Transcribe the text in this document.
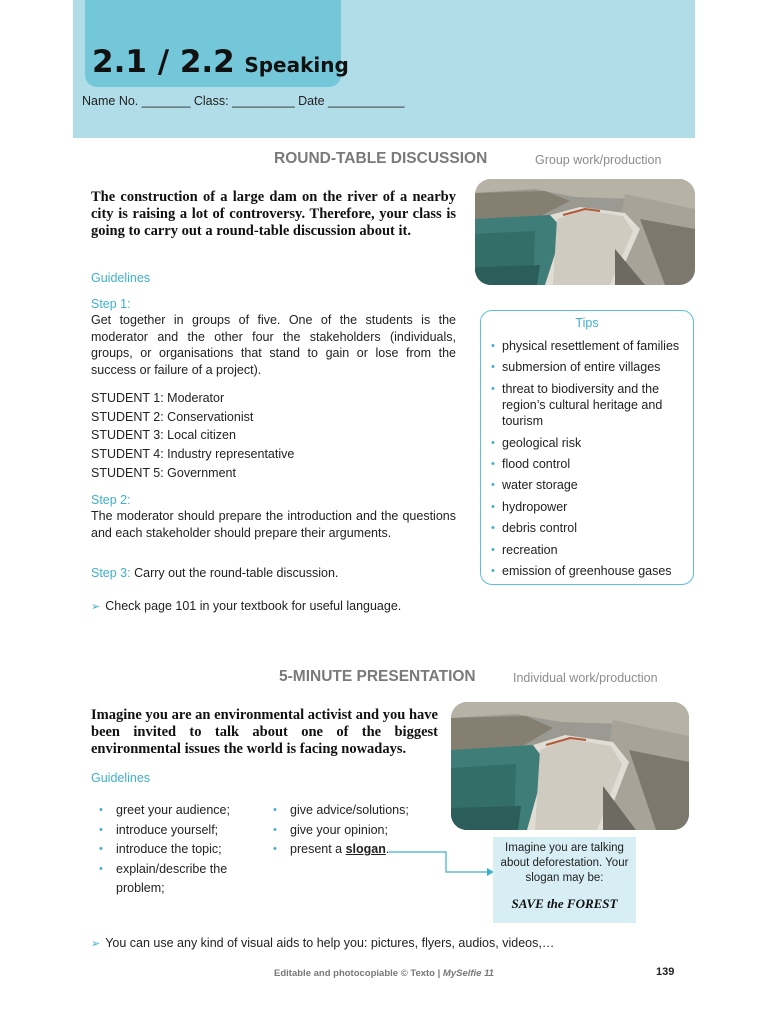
2.1 / 2.2 Speaking
Name No. _______ Class: _________ Date ___________
ROUND-TABLE DISCUSSION	Group work/production
The construction of a large dam on the river of a nearby city is raising a lot of controversy. Therefore, your class is going to carry out a round-table discussion about it.
Guidelines
Step 1:
Get together in groups of five. One of the students is the moderator and the other four the stakeholders (individuals, groups, or organisations that stand to gain or lose from the success or failure of a project).
STUDENT 1: Moderator
STUDENT 2: Conservationist
STUDENT 3: Local citizen
STUDENT 4: Industry representative
STUDENT 5: Government
Step 2:
The moderator should prepare the introduction and the questions and each stakeholder should prepare their arguments.
Step 3: Carry out the round-table discussion.
➢ Check page 101 in your textbook for useful language.
Tips
• physical resettlement of families
• submersion of entire villages
• threat to biodiversity and the region’s cultural heritage and tourism
• geological risk
• flood control
• water storage
• hydropower
• debris control
• recreation
• emission of greenhouse gases
5-MINUTE PRESENTATION	Individual work/production
Imagine you are an environmental activist and you have been invited to talk about one of the biggest environmental issues the world is facing nowadays.
Guidelines
• greet your audience;
• introduce yourself;
• introduce the topic;
• explain/describe the problem;
• give advice/solutions;
• give your opinion;
• present a slogan.	Imagine you are talking about deforestation. Your slogan may be:
SAVE the FOREST
➢ You can use any kind of visual aids to help you: pictures, flyers, audios, videos,…
Editable and photocopiable © Texto | MySelfie 11	139
